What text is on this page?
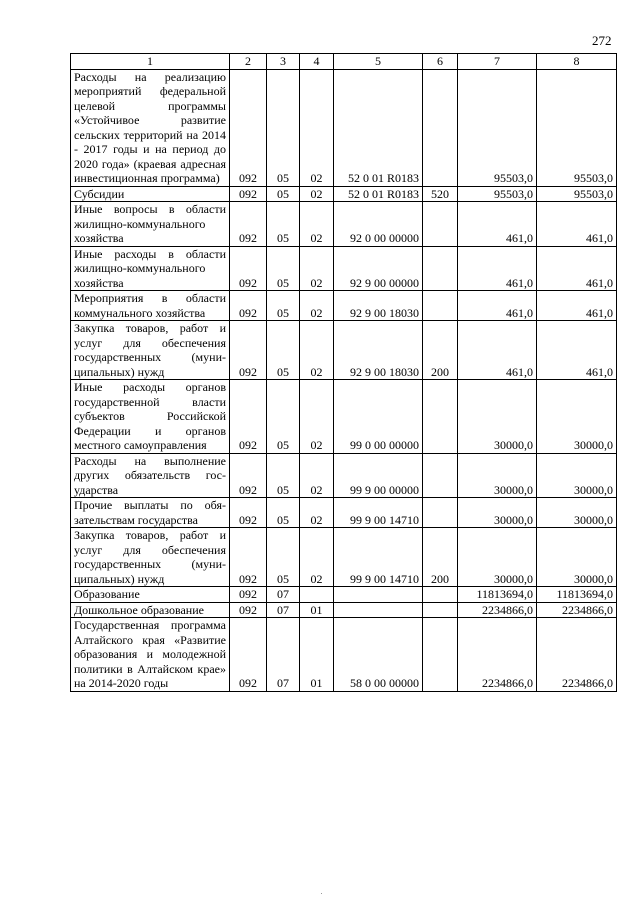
272
1	2	3	4	5	6	7	8
Расходы на реализацию мероприятий федеральной целевой программы «Устойчивое развитие сельских территорий на 2014 - 2017 годы и на период до 2020 года» (краевая адресная инвестиционная программа)	092	05	02	52 0 01 R0183		95503,0	95503,0
Субсидии	092	05	02	52 0 01 R0183	520	95503,0	95503,0
Иные вопросы в области жилищно-коммунального хозяйства	092	05	02	92 0 00 00000		461,0	461,0
Иные расходы в области жилищно-коммунального хозяйства	092	05	02	92 9 00 00000		461,0	461,0
Мероприятия в области коммунального хозяйства	092	05	02	92 9 00 18030		461,0	461,0
Закупка товаров, работ и услуг для обеспечения государственных (муниципальных) нужд	092	05	02	92 9 00 18030	200	461,0	461,0
Иные расходы органов государственной власти субъектов Российской Федерации и органов местного самоуправления	092	05	02	99 0 00 00000		30000,0	30000,0
Расходы на выполнение других обязательств государства	092	05	02	99 9 00 00000		30000,0	30000,0
Прочие выплаты по обязательствам государства	092	05	02	99 9 00 14710		30000,0	30000,0
Закупка товаров, работ и услуг для обеспечения государственных (муниципальных) нужд	092	05	02	99 9 00 14710	200	30000,0	30000,0
Образование	092	07				11813694,0	11813694,0
Дошкольное образование	092	07	01			2234866,0	2234866,0
Государственная программа Алтайского края «Развитие образования и молодежной политики в Алтайском крае» на 2014-2020 годы	092	07	01	58 0 00 00000		2234866,0	2234866,0
